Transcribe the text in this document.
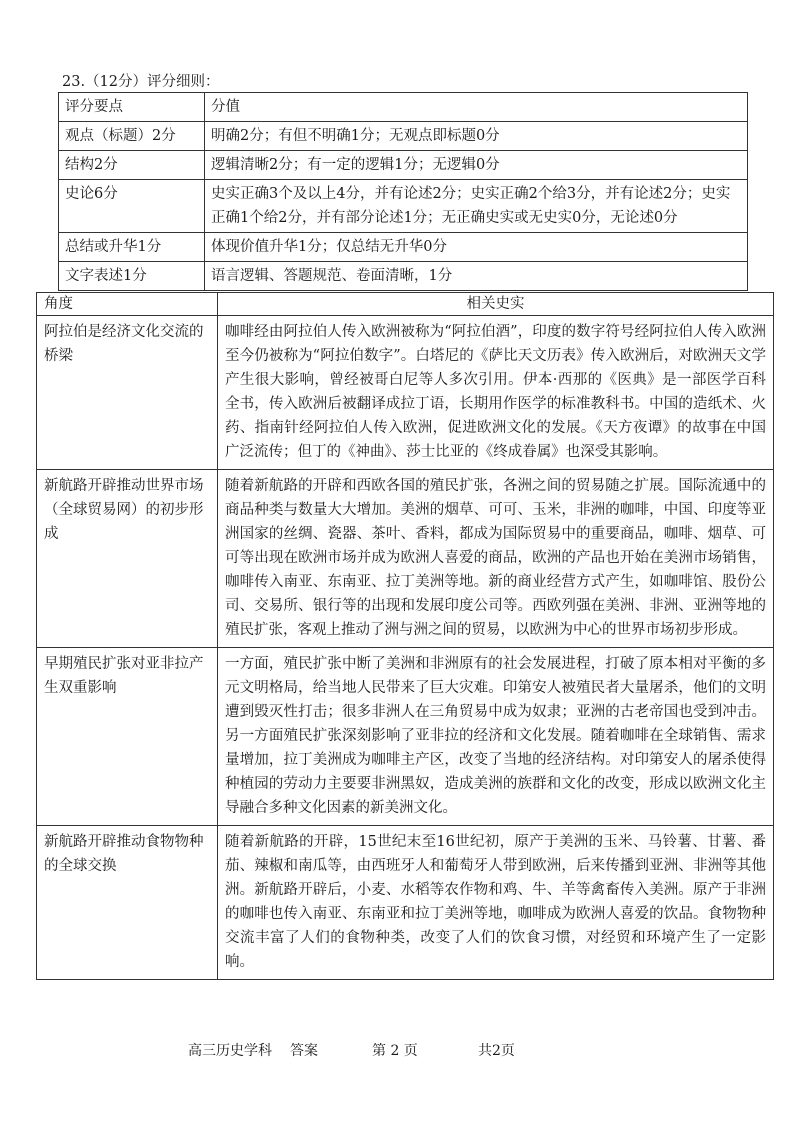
23.（12分）评分细则：
评分要点	分值
观点（标题）2分	明确2分；有但不明确1分；无观点即标题0分
结构2分	逻辑清晰2分；有一定的逻辑1分；无逻辑0分
史论6分	史实正确3个及以上4分，并有论述2分；史实正确2个给3分，并有论述2分；史实正确1个给2分，并有部分论述1分；无正确史实或无史实0分，无论述0分
总结或升华1分	体现价值升华1分；仅总结无升华0分
文字表述1分	语言逻辑、答题规范、卷面清晰，1分
角度	相关史实
阿拉伯是经济文化交流的桥梁	咖啡经由阿拉伯人传入欧洲被称为“阿拉伯酒”，印度的数字符号经阿拉伯人传入欧洲至今仍被称为“阿拉伯数字”。白塔尼的《萨比天文历表》传入欧洲后，对欧洲天文学产生很大影响，曾经被哥白尼等人多次引用。伊本·西那的《医典》是一部医学百科全书，传入欧洲后被翻译成拉丁语，长期用作医学的标准教科书。中国的造纸术、火药、指南针经阿拉伯人传入欧洲，促进欧洲文化的发展。《天方夜谭》的故事在中国广泛流传；但丁的《神曲》、莎士比亚的《终成眷属》也深受其影响。
新航路开辟推动世界市场（全球贸易网）的初步形成	随着新航路的开辟和西欧各国的殖民扩张，各洲之间的贸易随之扩展。国际流通中的商品种类与数量大大增加。美洲的烟草、可可、玉米，非洲的咖啡，中国、印度等亚洲国家的丝绸、瓷器、茶叶、香料，都成为国际贸易中的重要商品，咖啡、烟草、可可等出现在欧洲市场并成为欧洲人喜爱的商品，欧洲的产品也开始在美洲市场销售，咖啡传入南亚、东南亚、拉丁美洲等地。新的商业经营方式产生，如咖啡馆、股份公司、交易所、银行等的出现和发展印度公司等。西欧列强在美洲、非洲、亚洲等地的殖民扩张，客观上推动了洲与洲之间的贸易，以欧洲为中心的世界市场初步形成。
早期殖民扩张对亚非拉产生双重影响	一方面，殖民扩张中断了美洲和非洲原有的社会发展进程，打破了原本相对平衡的多元文明格局，给当地人民带来了巨大灾难。印第安人被殖民者大量屠杀，他们的文明遭到毁灭性打击；很多非洲人在三角贸易中成为奴隶；亚洲的古老帝国也受到冲击。另一方面殖民扩张深刻影响了亚非拉的经济和文化发展。随着咖啡在全球销售、需求量增加，拉丁美洲成为咖啡主产区，改变了当地的经济结构。对印第安人的屠杀使得种植园的劳动力主要要非洲黑奴，造成美洲的族群和文化的改变，形成以欧洲文化主导融合多种文化因素的新美洲文化。
新航路开辟推动食物物种的全球交换	随着新航路的开辟，15世纪末至16世纪初，原产于美洲的玉米、马铃薯、甘薯、番茄、辣椒和南瓜等，由西班牙人和葡萄牙人带到欧洲，后来传播到亚洲、非洲等其他洲。新航路开辟后，小麦、水稻等农作物和鸡、牛、羊等禽畜传入美洲。原产于非洲的咖啡也传入南亚、东南亚和拉丁美洲等地，咖啡成为欧洲人喜爱的饮品。食物物种交流丰富了人们的食物种类，改变了人们的饮食习惯，对经贸和环境产生了一定影响。
高三历史学科 答案	第 2 页	共2页
